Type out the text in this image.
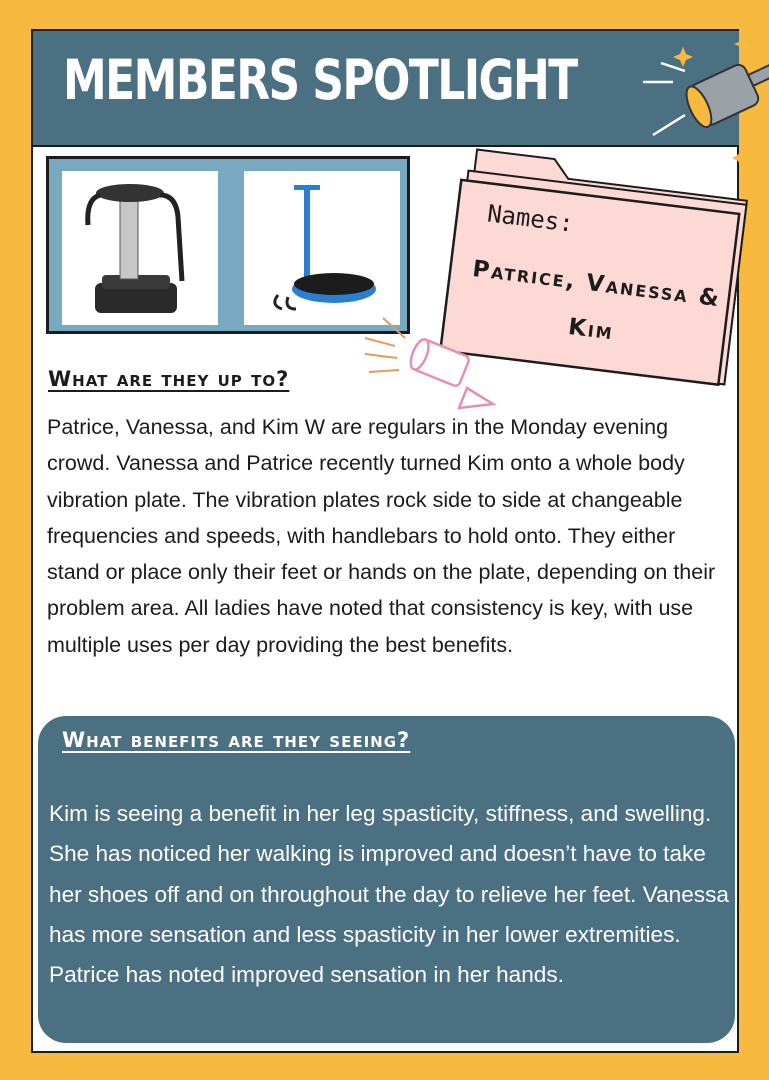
MEMBERS SPOTLIGHT
Names:
Patrice, Vanessa & Kim
What are they up to?

Patrice, Vanessa, and Kim W are regulars in the Monday evening crowd. Vanessa and Patrice recently turned Kim onto a whole body vibration plate. The vibration plates rock side to side at changeable frequencies and speeds, with handlebars to hold onto. They either stand or place only their feet or hands on the plate, depending on their problem area. All ladies have noted that consistency is key, with use multiple uses per day providing the best benefits.

What benefits are they seeing?

Kim is seeing a benefit in her leg spasticity, stiffness, and swelling. She has noticed her walking is improved and doesn’t have to take her shoes off and on throughout the day to relieve her feet. Vanessa has more sensation and less spasticity in her lower extremities. Patrice has noted improved sensation in her hands.
